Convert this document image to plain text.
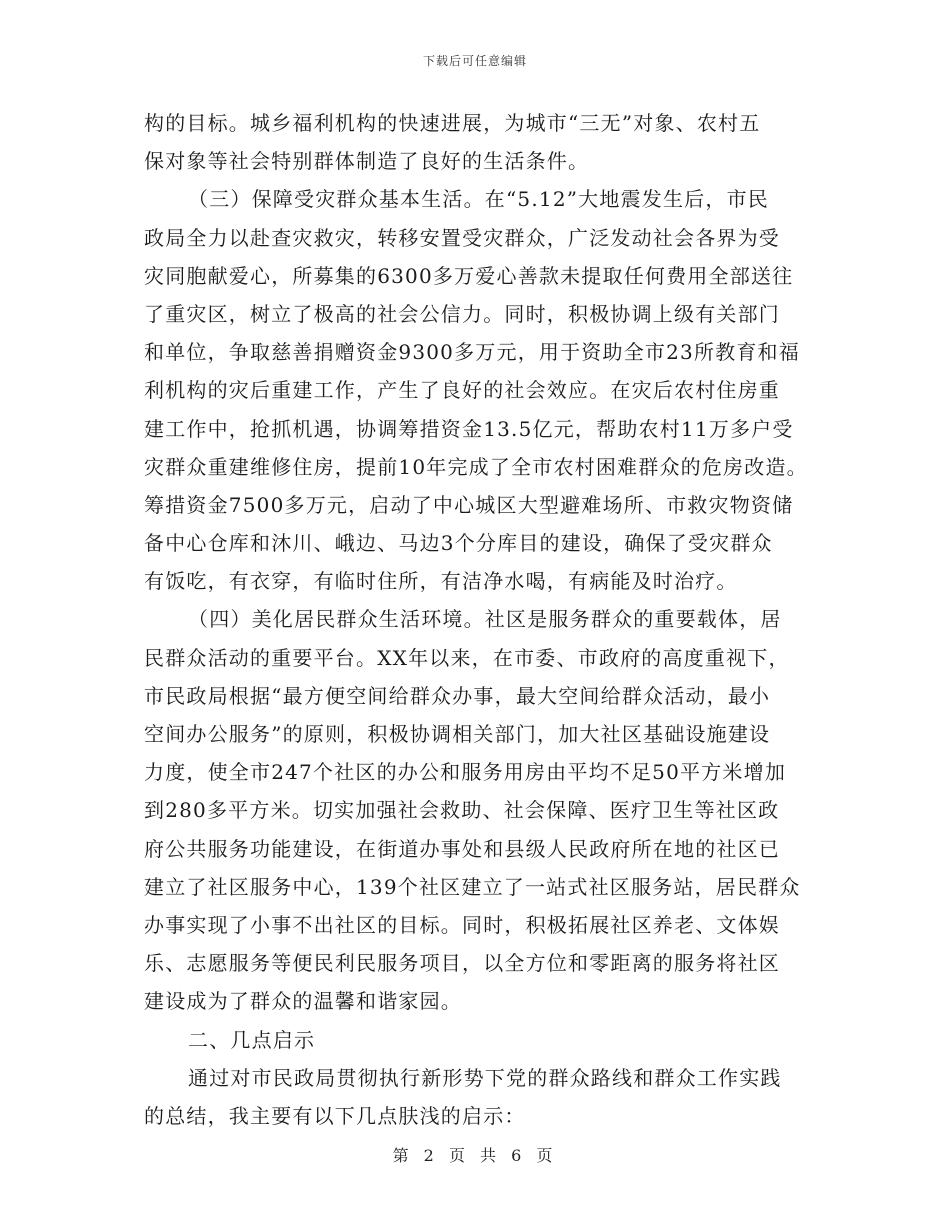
下载后可任意编辑
构的目标。城乡福利机构的快速进展，为城市“三无”对象、农村五
保对象等社会特别群体制造了良好的生活条件。
（三）保障受灾群众基本生活。在“5.12”大地震发生后，市民
政局全力以赴查灾救灾，转移安置受灾群众，广泛发动社会各界为受
灾同胞献爱心，所募集的6300多万爱心善款未提取任何费用全部送往
了重灾区，树立了极高的社会公信力。同时，积极协调上级有关部门
和单位，争取慈善捐赠资金9300多万元，用于资助全市23所教育和福
利机构的灾后重建工作，产生了良好的社会效应。在灾后农村住房重
建工作中，抢抓机遇，协调筹措资金13.5亿元，帮助农村11万多户受
灾群众重建维修住房，提前10年完成了全市农村困难群众的危房改造。
筹措资金7500多万元，启动了中心城区大型避难场所、市救灾物资储
备中心仓库和沐川、峨边、马边3个分库目的建设，确保了受灾群众
有饭吃，有衣穿，有临时住所，有洁净水喝，有病能及时治疗。
（四）美化居民群众生活环境。社区是服务群众的重要载体，居
民群众活动的重要平台。XX年以来，在市委、市政府的高度重视下，
市民政局根据“最方便空间给群众办事，最大空间给群众活动，最小
空间办公服务”的原则，积极协调相关部门，加大社区基础设施建设
力度，使全市247个社区的办公和服务用房由平均不足50平方米增加
到280多平方米。切实加强社会救助、社会保障、医疗卫生等社区政
府公共服务功能建设，在街道办事处和县级人民政府所在地的社区已
建立了社区服务中心，139个社区建立了一站式社区服务站，居民群众
办事实现了小事不出社区的目标。同时，积极拓展社区养老、文体娱
乐、志愿服务等便民利民服务项目，以全方位和零距离的服务将社区
建设成为了群众的温馨和谐家园。
二、几点启示
通过对市民政局贯彻执行新形势下党的群众路线和群众工作实践
的总结，我主要有以下几点肤浅的启示：
第 2 页 共 6 页
